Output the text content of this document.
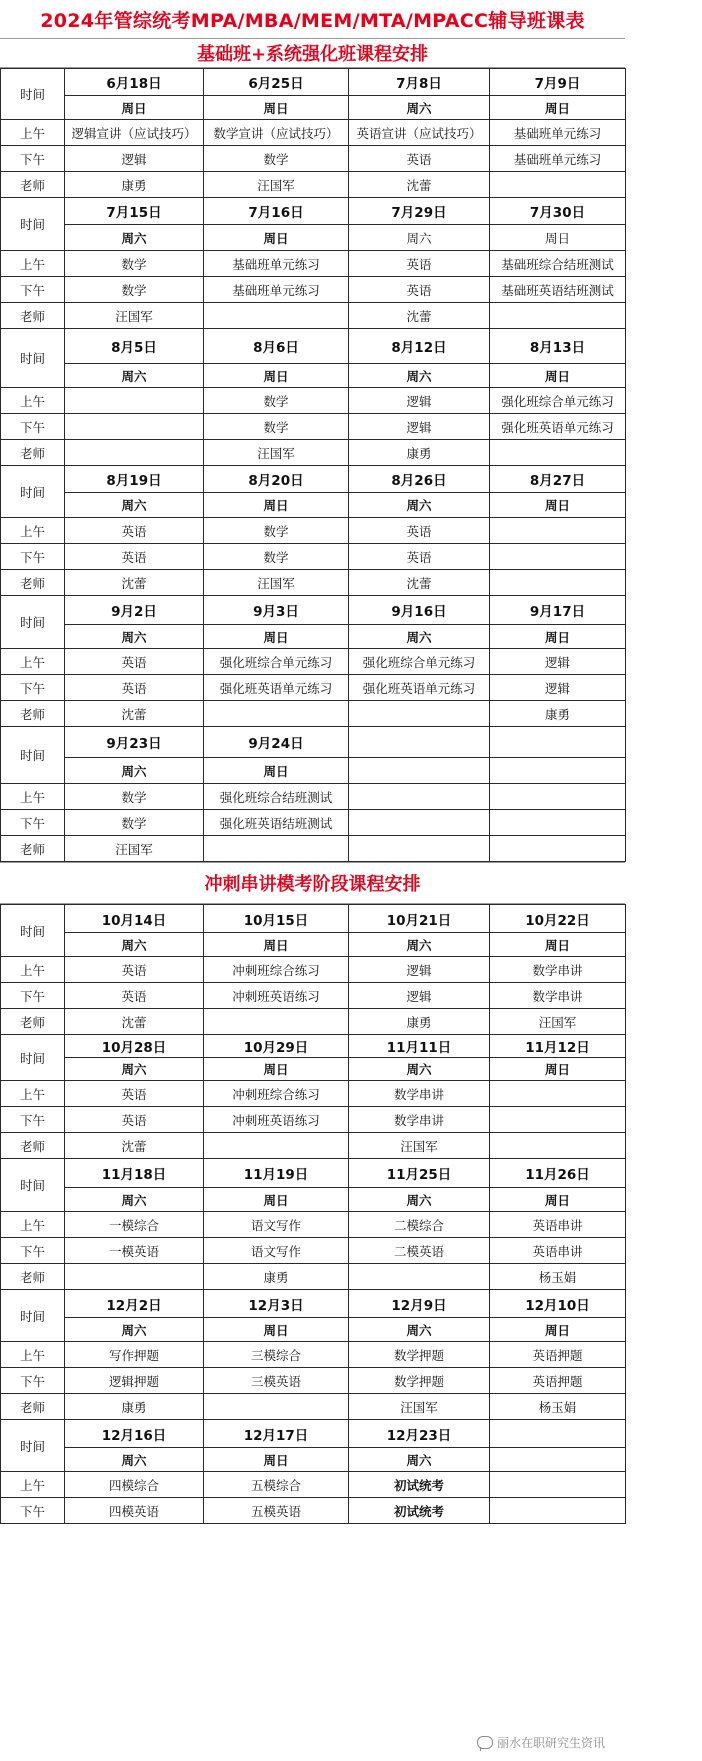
2024年管综统考MPA/MBA/MEM/MTA/MPACC辅导班课表
基础班+系统强化班课程安排
时间	6月18日	6月25日	7月8日	7月9日
	周日	周日	周六	周日
上午	逻辑宣讲（应试技巧）	数学宣讲（应试技巧）	英语宣讲（应试技巧）	基础班单元练习
下午	逻辑	数学	英语	基础班单元练习
老师	康勇	汪国军	沈蕾	
时间	7月15日	7月16日	7月29日	7月30日
	周六	周日	周六	周日
上午	数学	基础班单元练习	英语	基础班综合结班测试
下午	数学	基础班单元练习	英语	基础班英语结班测试
老师	汪国军		沈蕾	
时间	8月5日	8月6日	8月12日	8月13日
	周六	周日	周六	周日
上午		数学	逻辑	强化班综合单元练习
下午		数学	逻辑	强化班英语单元练习
老师		汪国军	康勇	
时间	8月19日	8月20日	8月26日	8月27日
	周六	周日	周六	周日
上午	英语	数学	英语	
下午	英语	数学	英语	
老师	沈蕾	汪国军	沈蕾	
时间	9月2日	9月3日	9月16日	9月17日
	周六	周日	周六	周日
上午	英语	强化班综合单元练习	强化班综合单元练习	逻辑
下午	英语	强化班英语单元练习	强化班英语单元练习	逻辑
老师	沈蕾			康勇
时间	9月23日	9月24日		
	周六	周日		
上午	数学	强化班综合结班测试		
下午	数学	强化班英语结班测试		
老师	汪国军			
冲刺串讲模考阶段课程安排
时间	10月14日	10月15日	10月21日	10月22日
	周六	周日	周六	周日
上午	英语	冲刺班综合练习	逻辑	数学串讲
下午	英语	冲刺班英语练习	逻辑	数学串讲
老师	沈蕾		康勇	汪国军
时间	10月28日	10月29日	11月11日	11月12日
	周六	周日	周六	周日
上午	英语	冲刺班综合练习	数学串讲	
下午	英语	冲刺班英语练习	数学串讲	
老师	沈蕾		汪国军	
时间	11月18日	11月19日	11月25日	11月26日
	周六	周日	周六	周日
上午	一模综合	语文写作	二模综合	英语串讲
下午	一模英语	语文写作	二模英语	英语串讲
老师		康勇		杨玉娟
时间	12月2日	12月3日	12月9日	12月10日
	周六	周日	周六	周日
上午	写作押题	三模综合	数学押题	英语押题
下午	逻辑押题	三模英语	数学押题	英语押题
老师	康勇		汪国军	杨玉娟
时间	12月16日	12月17日	12月23日	
	周六	周日	周六	
上午	四模综合	五模综合	初试统考	
下午	四模英语	五模英语	初试统考	
丽水在职研究生资讯
